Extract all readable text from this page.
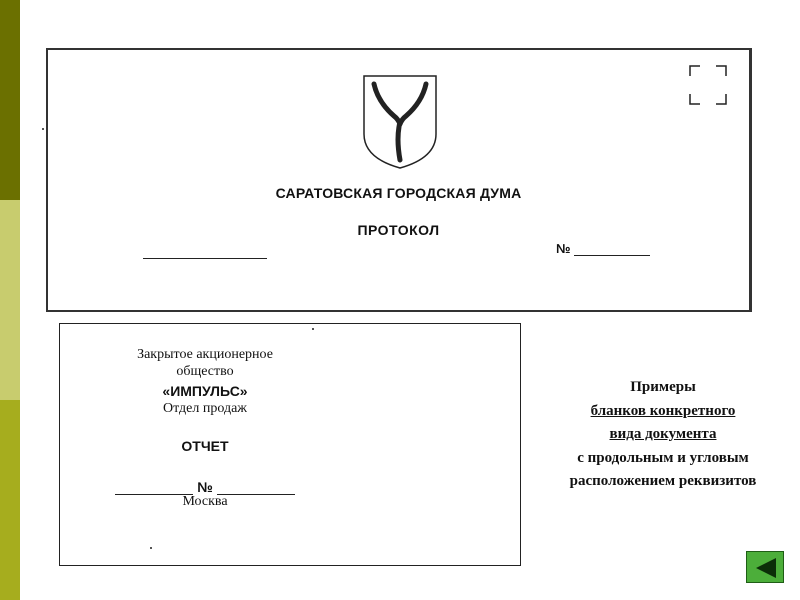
САРАТОВСКАЯ ГОРОДСКАЯ ДУМА
ПРОТОКОЛ
№
Закрытое акционерное
общество
«ИМПУЛЬС»
Отдел продаж
ОТЧЕТ
№
Москва
Примеры
бланков конкретного
вида документа
с продольным и угловым
расположением реквизитов
